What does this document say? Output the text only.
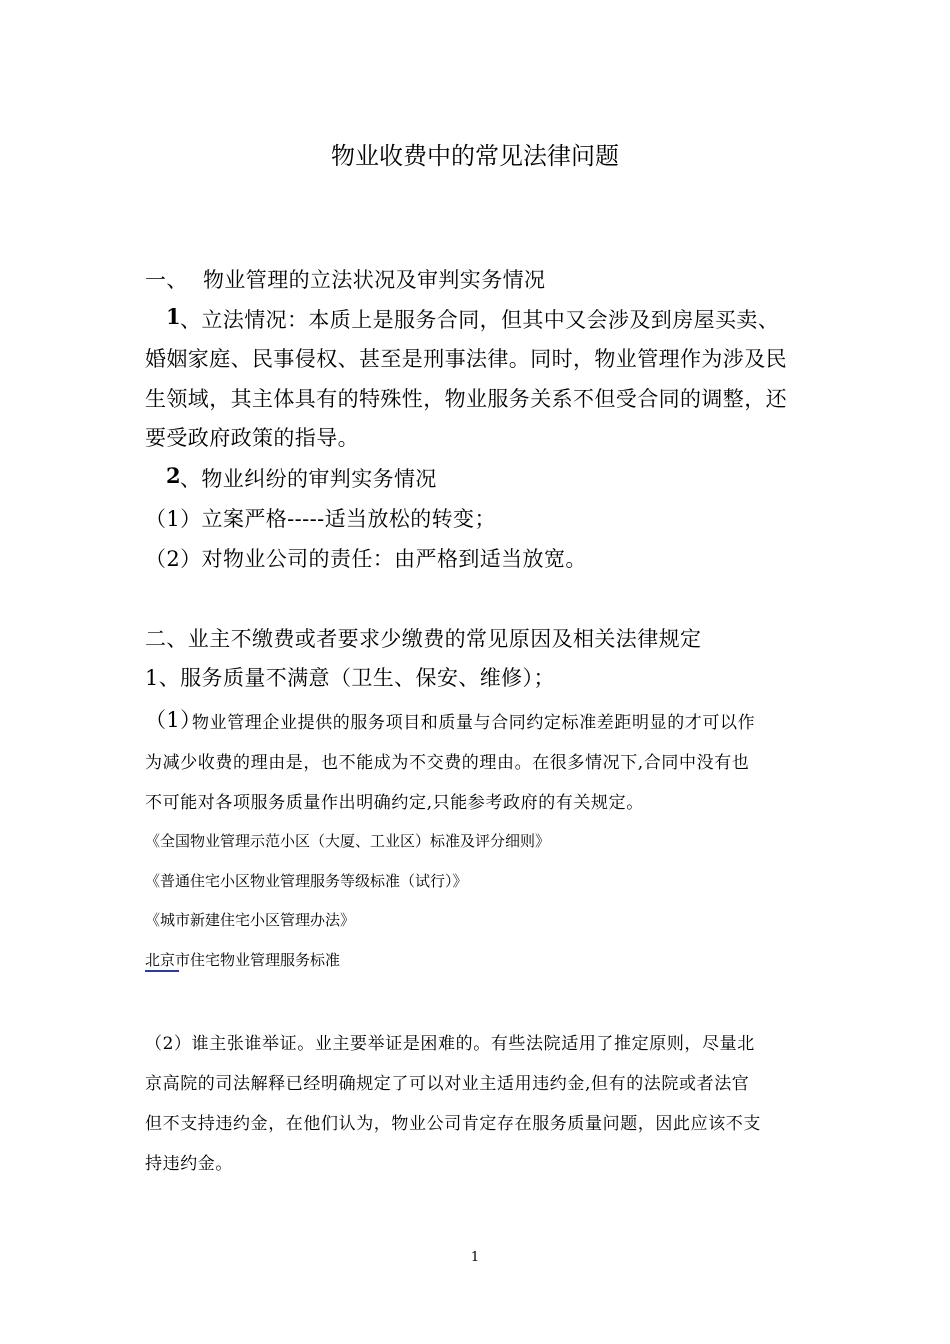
物业收费中的常见法律问题
一、 物业管理的立法状况及审判实务情况
1
、立法情况：本质上是服务合同，但其中又会涉及到房屋买卖、
婚姻家庭、民事侵权、甚至是刑事法律。同时，物业管理作为涉及民
生领域，其主体具有的特殊性，物业服务关系不但受合同的调整，还
要受政府政策的指导。
2
、物业纠纷的审判实务情况
（1）立案严格-----适当放松的转变；
（2）对物业公司的责任：由严格到适当放宽。
二、业主不缴费或者要求少缴费的常见原因及相关法律规定
1、服务质量不满意（卫生、保安、维修）；
（1）
物业管理企业提供的服务项目和质量与合同约定标准差距明显的才可以作
为减少收费的理由是，也不能成为不交费的理由。在很多情况下,合同中没有也
不可能对各项服务质量作出明确约定,只能参考政府的有关规定。
《全国物业管理示范小区（大厦、工业区）标准及评分细则》
《普通住宅小区物业管理服务等级标准（试行）》
《城市新建住宅小区管理办法》
北京市住宅物业管理服务标准
（2）谁主张谁举证。业主要举证是困难的。有些法院适用了推定原则，尽量北
京高院的司法解释已经明确规定了可以对业主适用违约金,但有的法院或者法官
但不支持违约金，在他们认为，物业公司肯定存在服务质量问题，因此应该不支
持违约金。
1
